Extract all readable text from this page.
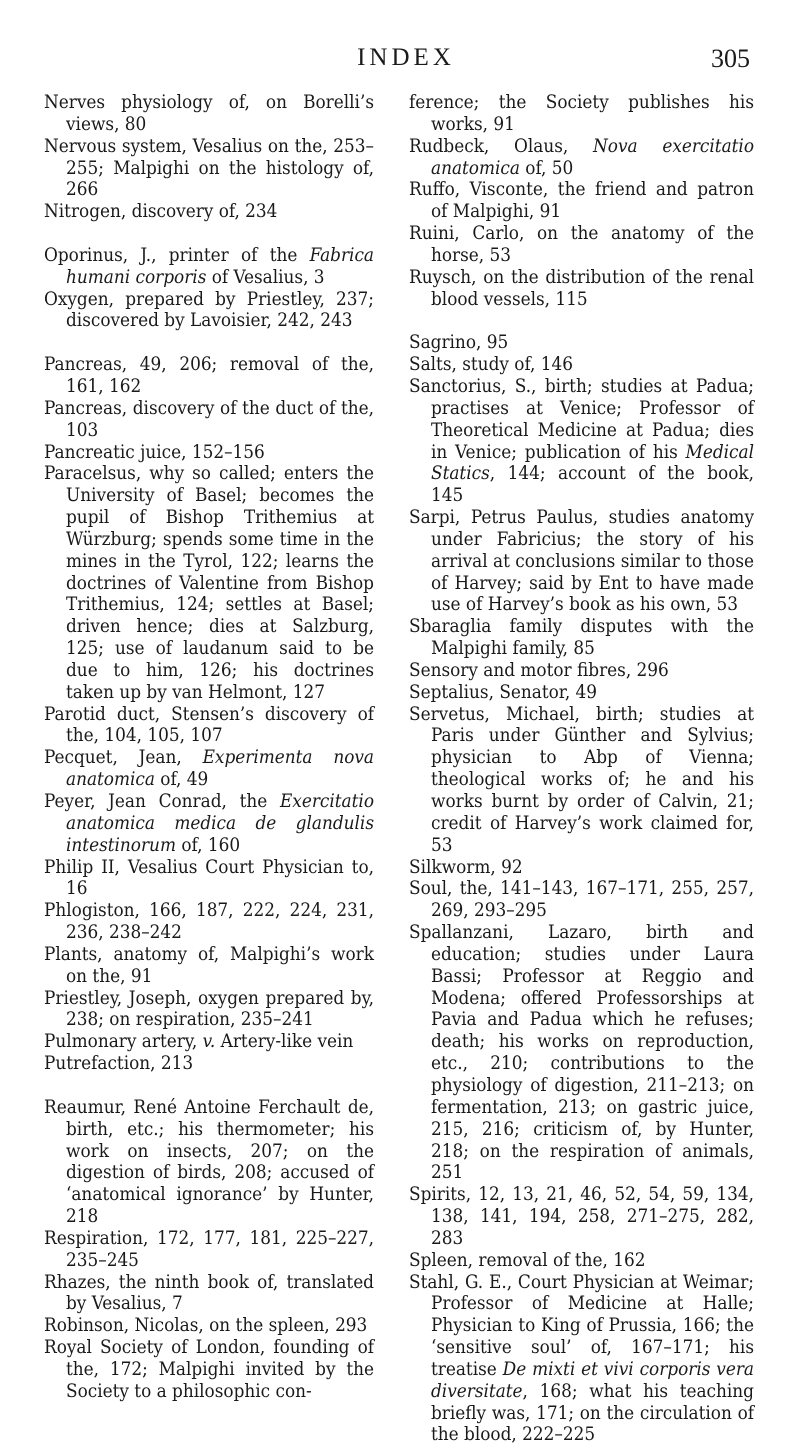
INDEX	305

Nerves physiology of, on Borelli’s views, 80

Nervous system, Vesalius on the, 253–255; Malpighi on the histology of, 266

Nitrogen, discovery of, 234

Oporinus, J., printer of the Fabrica humani corporis of Vesalius, 3

Oxygen, prepared by Priestley, 237; discovered by Lavoisier, 242, 243

Pancreas, 49, 206; removal of the, 161, 162

Pancreas, discovery of the duct of the, 103

Pancreatic juice, 152–156

Paracelsus, why so called; enters the University of Basel; becomes the pupil of Bishop Trithemius at Würzburg; spends some time in the mines in the Tyrol, 122; learns the doctrines of Valentine from Bishop Trithemius, 124; settles at Basel; driven hence; dies at Salzburg, 125; use of laudanum said to be due to him, 126; his doctrines taken up by van Helmont, 127

Parotid duct, Stensen’s discovery of the, 104, 105, 107

Pecquet, Jean, Experimenta nova anatomica of, 49

Peyer, Jean Conrad, the Exercitatio anatomica medica de glandulis intestinorum of, 160

Philip II, Vesalius Court Physician to, 16

Phlogiston, 166, 187, 222, 224, 231, 236, 238–242

Plants, anatomy of, Malpighi’s work on the, 91

Priestley, Joseph, oxygen prepared by, 238; on respiration, 235–241

Pulmonary artery, v. Artery-like vein

Putrefaction, 213

Reaumur, René Antoine Ferchault de, birth, etc.; his thermometer; his work on insects, 207; on the digestion of birds, 208; accused of ‘anatomical ignorance’ by Hunter, 218

Respiration, 172, 177, 181, 225–227, 235–245

Rhazes, the ninth book of, translated by Vesalius, 7

Robinson, Nicolas, on the spleen, 293

Royal Society of London, founding of the, 172; Malpighi invited by the Society to a philosophic con-

ference; the Society publishes his works, 91

Rudbeck, Olaus, Nova exercitatio anatomica of, 50

Ruffo, Visconte, the friend and patron of Malpighi, 91

Ruini, Carlo, on the anatomy of the horse, 53

Ruysch, on the distribution of the renal blood vessels, 115

Sagrino, 95

Salts, study of, 146

Sanctorius, S., birth; studies at Padua; practises at Venice; Professor of Theoretical Medicine at Padua; dies in Venice; publication of his Medical Statics, 144; account of the book, 145

Sarpi, Petrus Paulus, studies anatomy under Fabricius; the story of his arrival at conclusions similar to those of Harvey; said by Ent to have made use of Harvey’s book as his own, 53

Sbaraglia family disputes with the Malpighi family, 85

Sensory and motor fibres, 296

Septalius, Senator, 49

Servetus, Michael, birth; studies at Paris under Günther and Sylvius; physician to Abp of Vienna; theological works of; he and his works burnt by order of Calvin, 21; credit of Harvey’s work claimed for, 53

Silkworm, 92

Soul, the, 141–143, 167–171, 255, 257, 269, 293–295

Spallanzani, Lazaro, birth and education; studies under Laura Bassi; Professor at Reggio and Modena; offered Professorships at Pavia and Padua which he refuses; death; his works on reproduction, etc., 210; contributions to the physiology of digestion, 211–213; on fermentation, 213; on gastric juice, 215, 216; criticism of, by Hunter, 218; on the respiration of animals, 251

Spirits, 12, 13, 21, 46, 52, 54, 59, 134, 138, 141, 194, 258, 271–275, 282, 283

Spleen, removal of the, 162

Stahl, G. E., Court Physician at Weimar; Professor of Medicine at Halle; Physician to King of Prussia, 166; the ‘sensitive soul’ of, 167–171; his treatise De mixti et vivi corporis vera diversitate, 168; what his teaching briefly was, 171; on the circulation of the blood, 222–225
